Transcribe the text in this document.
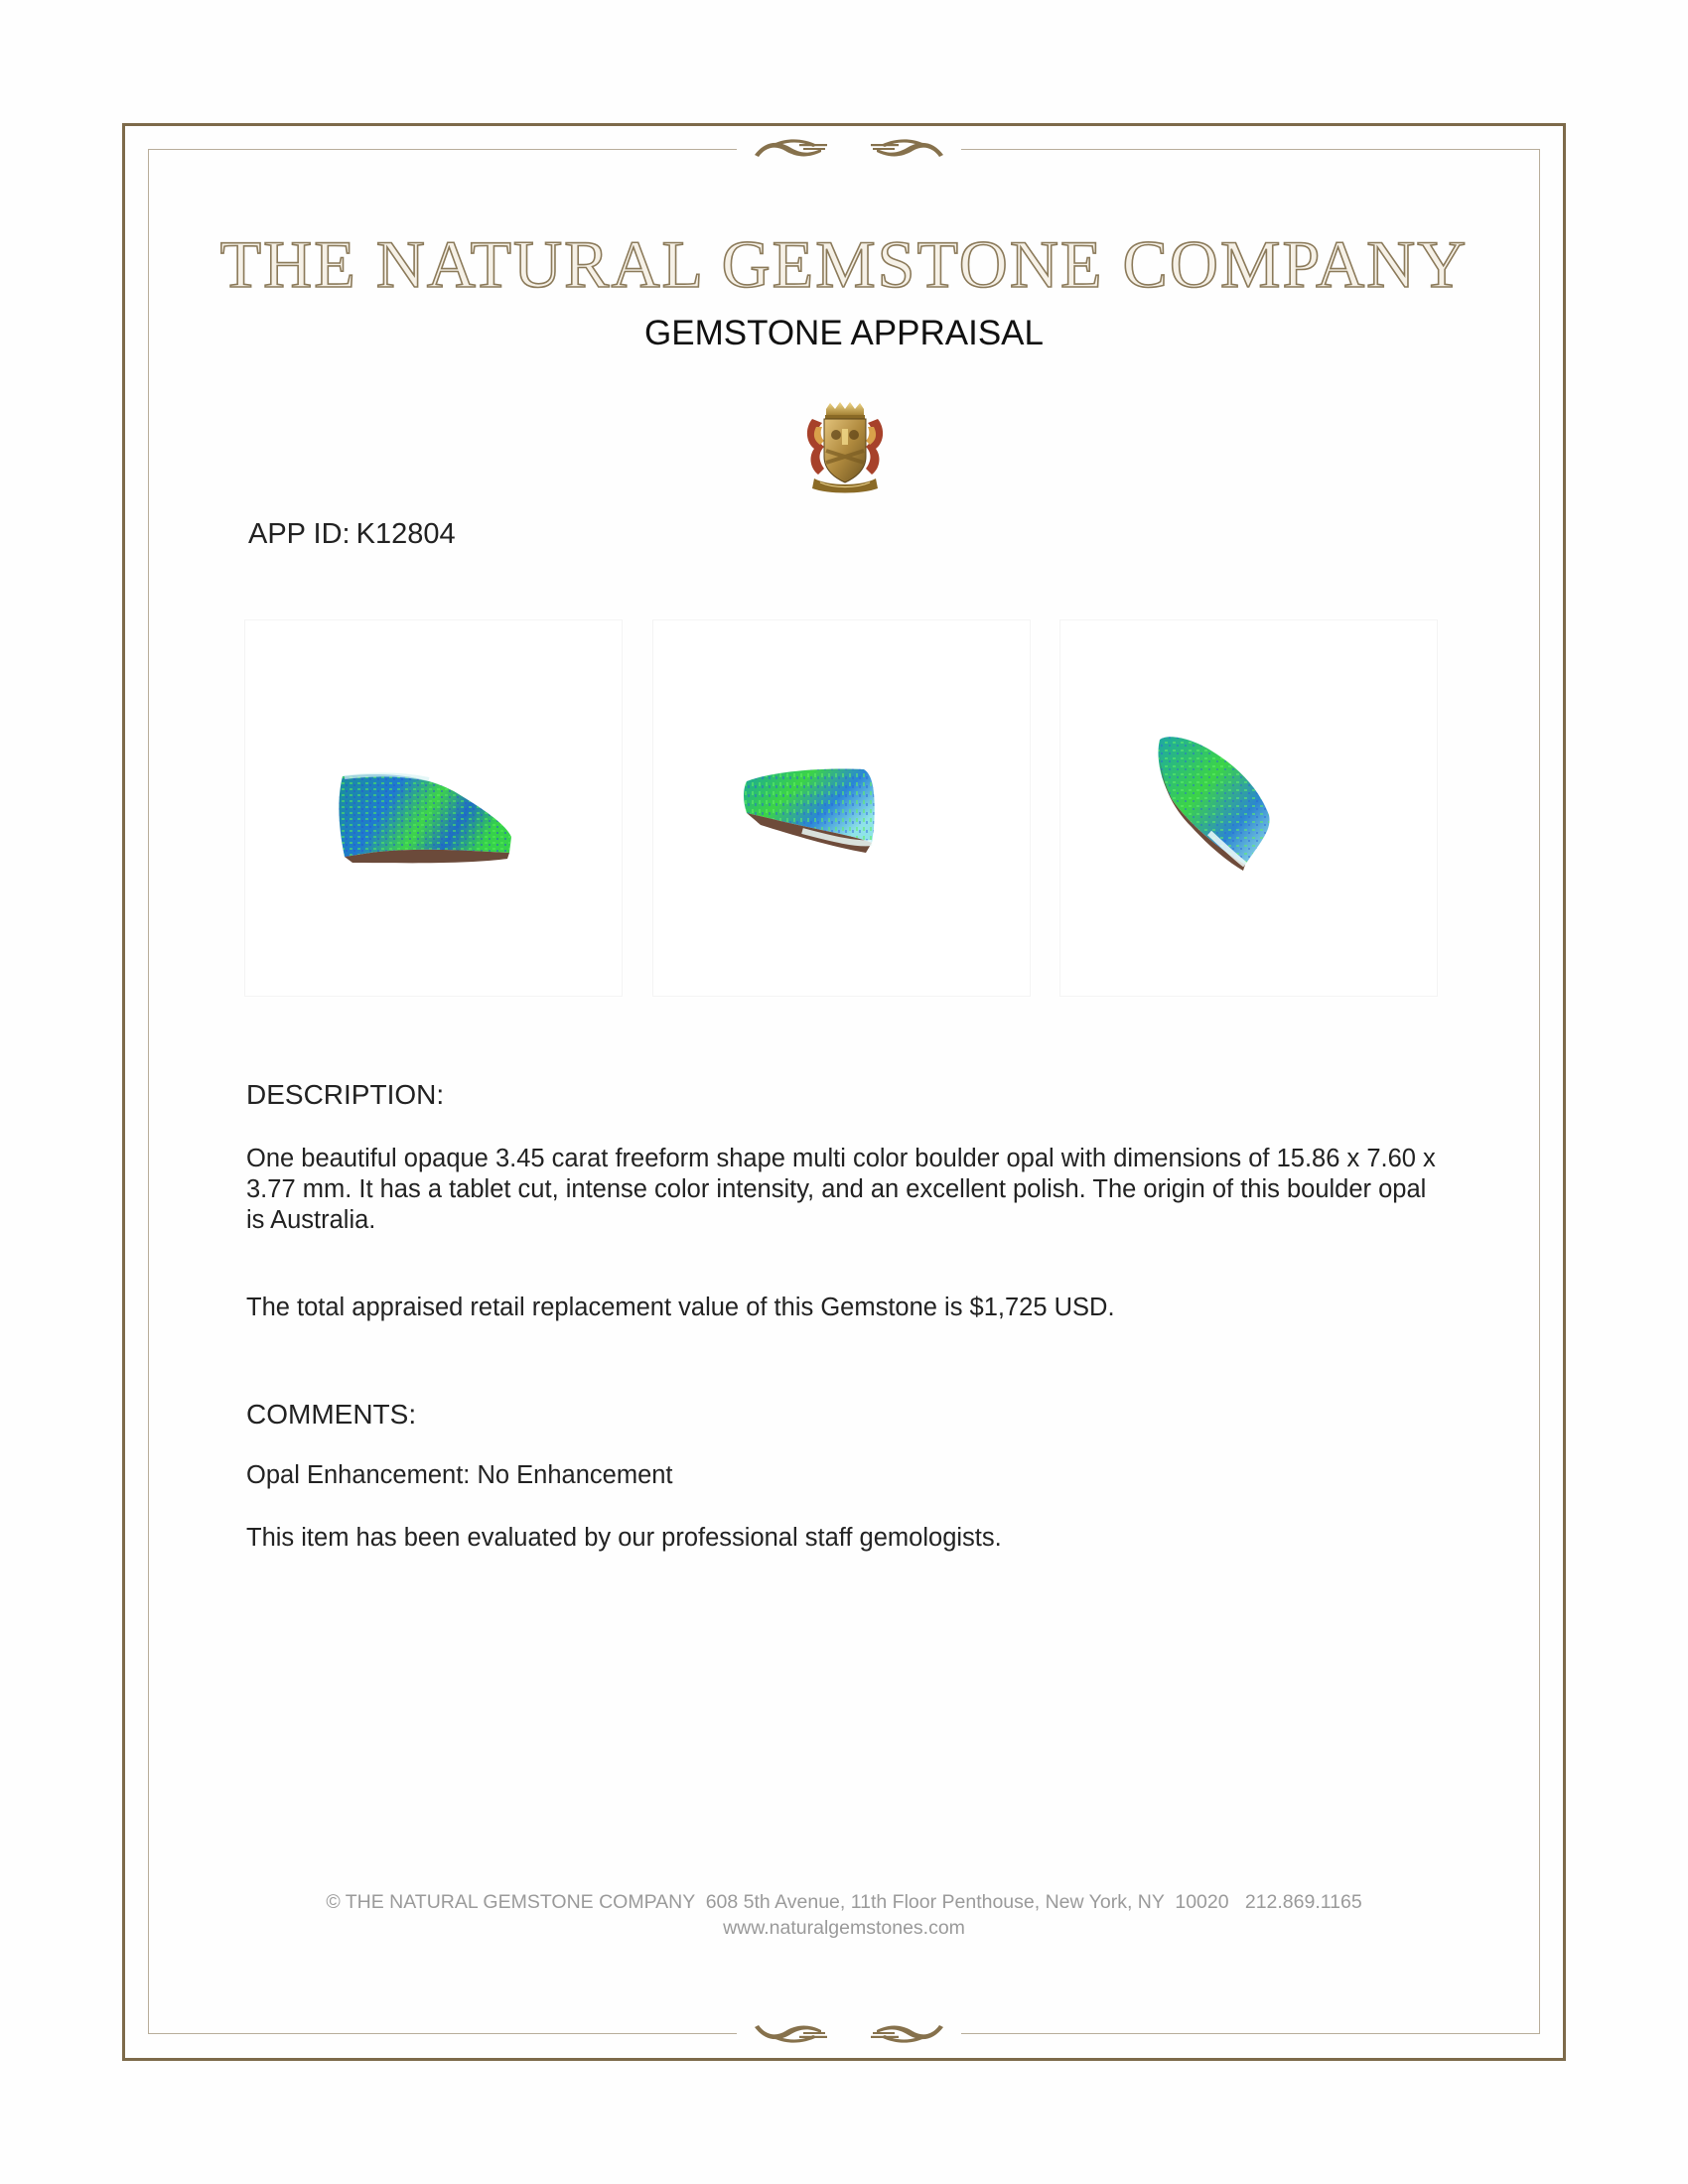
THE NATURAL GEMSTONE COMPANY
GEMSTONE APPRAISAL
APP ID: K12804
DESCRIPTION:
One beautiful opaque 3.45 carat freeform shape multi color boulder opal with dimensions of 15.86 x 7.60 x 3.77 mm. It has a tablet cut, intense color intensity, and an excellent polish. The origin of this boulder opal is Australia.
The total appraised retail replacement value of this Gemstone is $1,725 USD.
COMMENTS:
Opal Enhancement: No Enhancement
This item has been evaluated by our professional staff gemologists.
© THE NATURAL GEMSTONE COMPANY  608 5th Avenue, 11th Floor Penthouse, New York, NY  10020   212.869.1165
www.naturalgemstones.com
